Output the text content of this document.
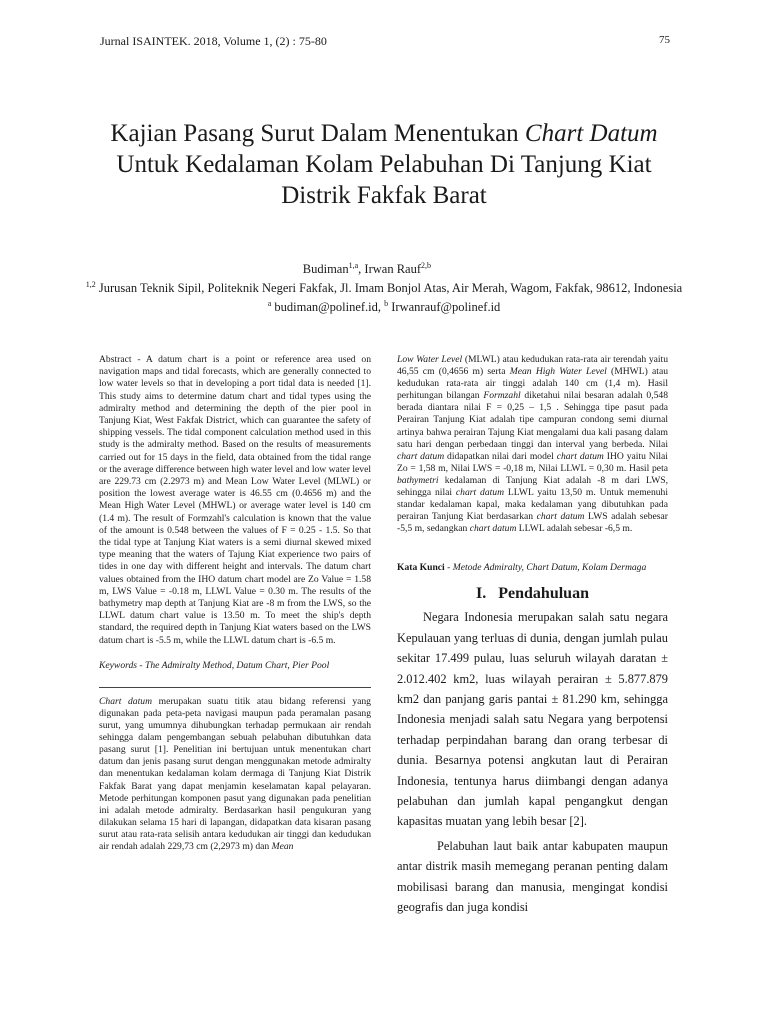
Jurnal ISAINTEK. 2018, Volume 1, (2) : 75-80	75
Kajian Pasang Surut Dalam Menentukan Chart Datum
Untuk Kedalaman Kolam Pelabuhan Di Tanjung Kiat
Distrik Fakfak Barat
Budiman$^{1,a}$, Irwan Rauf$^{2,b}$
$^{1,2}$ Jurusan Teknik Sipil, Politeknik Negeri Fakfak, Jl. Imam Bonjol Atas, Air Merah, Wagom, Fakfak, 98612, Indonesia
$^a$ budiman@polinef.id, $^b$ Irwanrauf@polinef.id

Abstract - A datum chart is a point or reference area used on navigation maps and tidal forecasts, which are generally connected to low water levels so that in developing a port tidal data is needed [1]. This study aims to determine datum chart and tidal types using the admiralty method and determining the depth of the pier pool in Tanjung Kiat, West Fakfak District, which can guarantee the safety of shipping vessels. The tidal component calculation method used in this study is the admiralty method. Based on the results of measurements carried out for 15 days in the field, data obtained from the tidal range or the average difference between high water level and low water level are 229.73 cm (2.2973 m) and Mean Low Water Level (MLWL) or position the lowest average water is 46.55 cm (0.4656 m) and the Mean High Water Level (MHWL) or average water level is 140 cm (1.4 m). The result of Formzahl's calculation is known that the value of the amount is 0.548 between the values of F = 0.25 - 1.5. So that the tidal type at Tanjung Kiat waters is a semi diurnal skewed mixed type meaning that the waters of Tajung Kiat experience two pairs of tides in one day with different height and intervals. The datum chart values obtained from the IHO datum chart model are Zo Value = 1.58 m, LWS Value = -0.18 m, LLWL Value = 0.30 m. The results of the bathymetry map depth at Tanjung Kiat are -8 m from the LWS, so the LLWL datum chart value is 13.50 m. To meet the ship's depth standard, the required depth in Tanjung Kiat waters based on the LWS datum chart is -5.5 m, while the LLWL datum chart is -6.5 m.

Keywords - The Admiralty Method, Datum Chart, Pier Pool

Chart datum merupakan suatu titik atau bidang referensi yang digunakan pada peta-peta navigasi maupun pada peramalan pasang surut, yang umumnya dihubungkan terhadap permukaan air rendah sehingga dalam pengembangan sebuah pelabuhan dibutuhkan data pasang surut [1]. Penelitian ini bertujuan untuk menentukan chart datum dan jenis pasang surut dengan menggunakan metode admiralty dan menentukan kedalaman kolam dermaga di Tanjung Kiat Distrik Fakfak Barat yang dapat menjamin keselamatan kapal pelayaran. Metode perhitungan komponen pasut yang digunakan pada penelitian ini adalah metode admiralty. Berdasarkan hasil pengukuran yang dilakukan selama 15 hari di lapangan, didapatkan data kisaran pasang surut atau rata-rata selisih antara kedudukan air tinggi dan kedudukan air rendah adalah 229,73 cm (2,2973 m) dan Mean

Low Water Level (MLWL) atau kedudukan rata-rata air terendah yaitu 46,55 cm (0,4656 m) serta Mean High Water Level (MHWL) atau kedudukan rata-rata air tinggi adalah 140 cm (1,4 m). Hasil perhitungan bilangan Formzahl diketahui nilai besaran adalah 0,548 berada diantara nilai F = 0,25 – 1,5 . Sehingga tipe pasut pada Perairan Tanjung Kiat adalah tipe campuran condong semi diurnal artinya bahwa perairan Tajung Kiat mengalami dua kali pasang dalam satu hari dengan perbedaan tinggi dan interval yang berbeda. Nilai chart datum didapatkan nilai dari model chart datum IHO yaitu Nilai Zo = 1,58 m, Nilai LWS = -0,18 m, Nilai LLWL = 0,30 m. Hasil peta bathymetri kedalaman di Tanjung Kiat adalah -8 m dari LWS, sehingga nilai chart datum LLWL yaitu 13,50 m. Untuk memenuhi standar kedalaman kapal, maka kedalaman yang dibutuhkan pada perairan Tanjung Kiat berdasarkan chart datum LWS adalah sebesar -5,5 m, sedangkan chart datum LLWL adalah sebesar -6,5 m.

Kata Kunci - Metode Admiralty, Chart Datum, Kolam Dermaga

I. Pendahuluan

Negara Indonesia merupakan salah satu negara Kepulauan yang terluas di dunia, dengan jumlah pulau sekitar 17.499 pulau, luas seluruh wilayah daratan ± 2.012.402 km2, luas wilayah perairan ± 5.877.879 km2 dan panjang garis pantai ± 81.290 km, sehingga Indonesia menjadi salah satu Negara yang berpotensi terhadap perpindahan barang dan orang terbesar di dunia. Besarnya potensi angkutan laut di Perairan Indonesia, tentunya harus diimbangi dengan adanya pelabuhan dan jumlah kapal pengangkut dengan kapasitas muatan yang lebih besar [2].

Pelabuhan laut baik antar kabupaten maupun antar distrik masih memegang peranan penting dalam mobilisasi barang dan manusia, mengingat kondisi geografis dan juga kondisi
